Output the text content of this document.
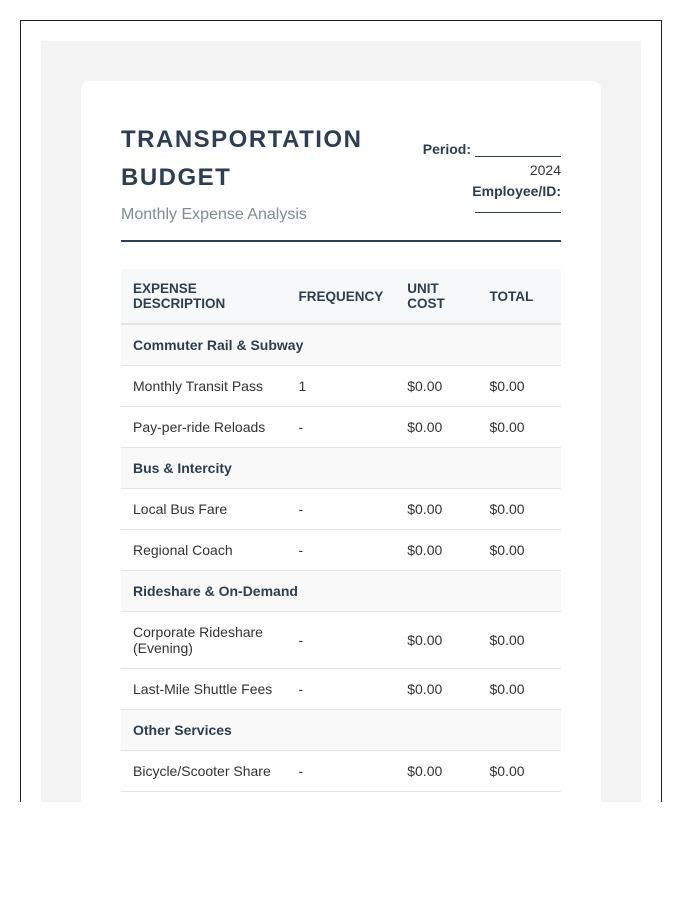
TRANSPORTATION
BUDGET
Monthly Expense Analysis
Period:
2024
Employee/ID:
EXPENSE DESCRIPTION	FREQUENCY	UNIT COST	TOTAL
Commuter Rail & Subway			
Monthly Transit Pass	1	$0.00	$0.00
Pay-per-ride Reloads	-	$0.00	$0.00
Bus & Intercity			
Local Bus Fare	-	$0.00	$0.00
Regional Coach	-	$0.00	$0.00
Rideshare & On-Demand			
Corporate Rideshare (Evening)	-	$0.00	$0.00
Last-Mile Shuttle Fees	-	$0.00	$0.00
Other Services			
Bicycle/Scooter Share	-	$0.00	$0.00
